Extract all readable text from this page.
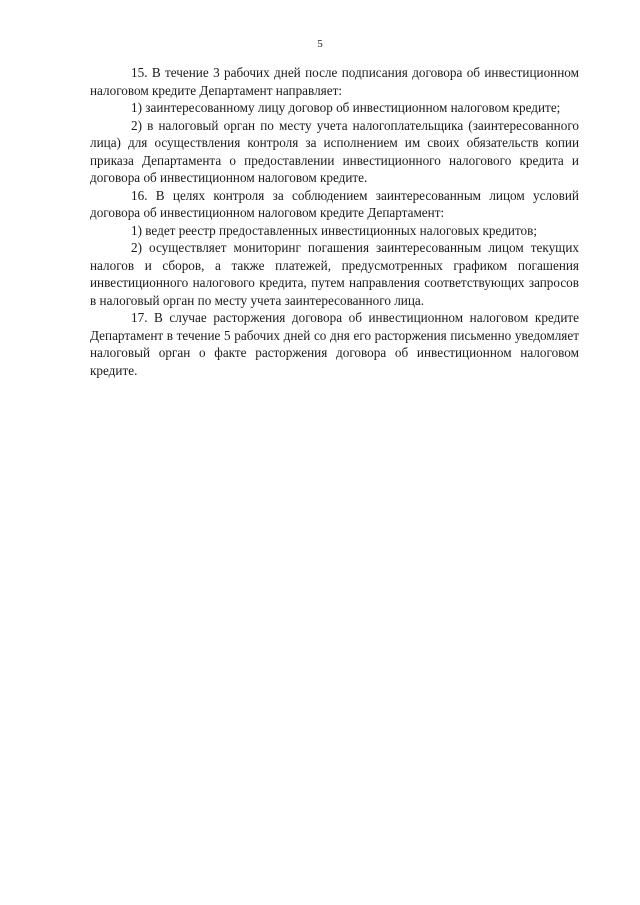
5

15. В течение 3 рабочих дней после подписания договора об инвестиционном налоговом кредите Департамент направляет:

1) заинтересованному лицу договор об инвестиционном налоговом кредите;

2) в налоговый орган по месту учета налогоплательщика (заинтересованного лица) для осуществления контроля за исполнением им своих обязательств копии приказа Департамента о предоставлении инвестиционного налогового кредита и договора об инвестиционном налоговом кредите.

16. В целях контроля за соблюдением заинтересованным лицом условий договора об инвестиционном налоговом кредите Департамент:

1) ведет реестр предоставленных инвестиционных налоговых кредитов;

2) осуществляет мониторинг погашения заинтересованным лицом текущих налогов и сборов, а также платежей, предусмотренных графиком погашения инвестиционного налогового кредита, путем направления соответствующих запросов в налоговый орган по месту учета заинтересованного лица.

17. В случае расторжения договора об инвестиционном налоговом кредите Департамент в течение 5 рабочих дней со дня его расторжения письменно уведомляет налоговый орган о факте расторжения договора об инвестиционном налоговом кредите.
